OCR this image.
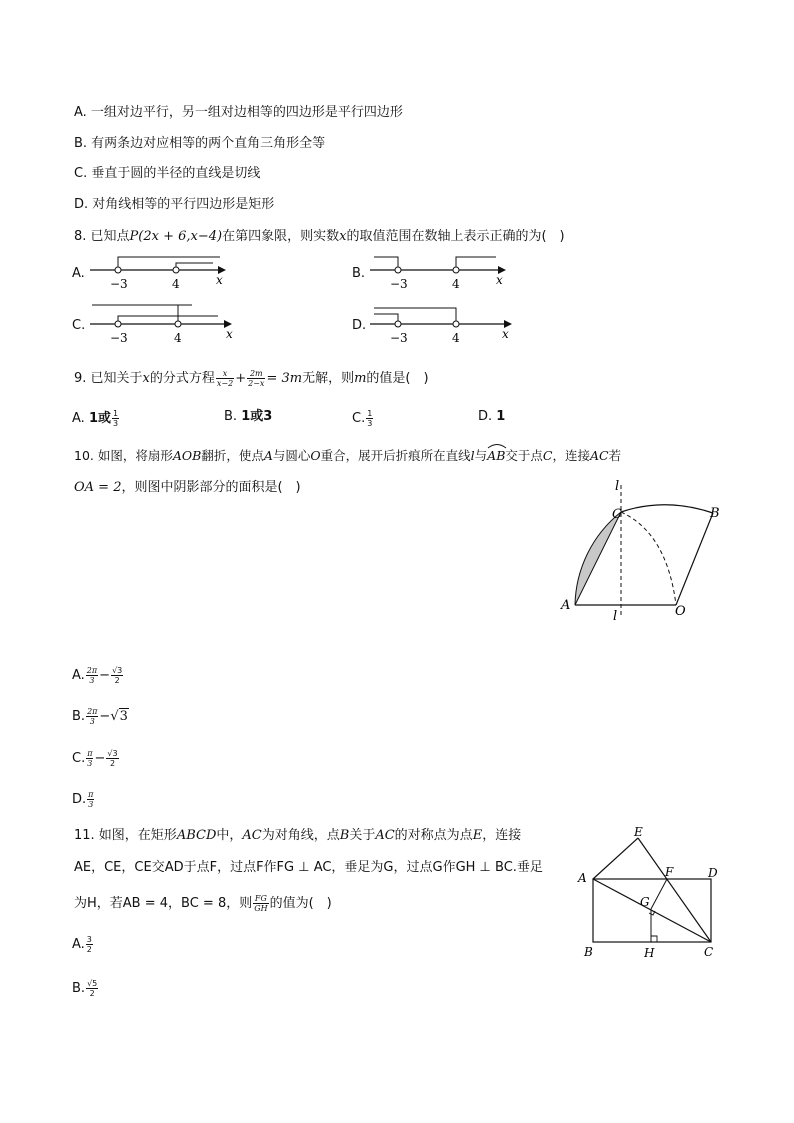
A. 一组对边平行，另一组对边相等的四边形是平行四边形
B. 有两条边对应相等的两个直角三角形全等
C. 垂直于圆的半径的直线是切线
D. 对角线相等的平行四边形是矩形
8. 已知点P(2x + 6,x−4)在第四象限，则实数x的取值范围在数轴上表示正确的为(　)
A.	B.
C.	D.
−3	4	x	−3	4	x
−3	4	x	−3	4	x
9. 已知关于x的分式方程 $\frac{x}{x-2} + \frac{2m}{2-x} = 3m$无解，则m的值是(　)
A. 1或 $\frac{1}{3}$	B. 1或3	C. $\frac{1}{3}$	D. 1
10. 如图，将扇形AOB翻折，使点A与圆心O重合，展开后折痕所在直线l与
AB交于点C，连接AC若
OA = 2，则图中阴影部分的面积是(　)	l
l
C	B
A	O
A. $\frac{2\pi}{3} - \frac{√3}{2}$
B. $\frac{2\pi}{3} -√3$
C. $\frac{\pi}{3} - \frac{√3}{2}$
D. $\frac{\pi}{3}$
11. 如图，在矩形ABCD中，AC为对角线，点B关于AC的对称点为点E，连接
AE，CE，CE交AD于点F，过点F作FG ⊥ AC，垂足为G，过点G作GH ⊥ BC.垂足
为H，若AB = 4，BC = 8，则 $\frac{FG}{GH}$ 的值为(　)
E
A	F	D
G
B	H	C
A. $\frac{3}{2}$
B. $\frac{√5}{2}$
